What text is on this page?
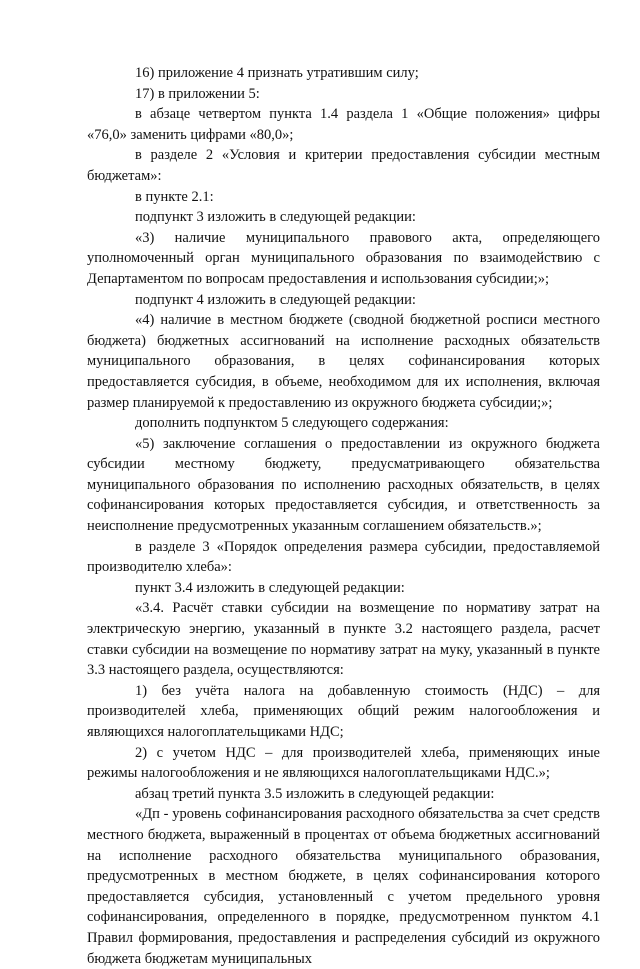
16) приложение 4 признать утратившим силу;

17) в приложении 5:

в абзаце четвертом пункта 1.4 раздела 1 «Общие положения» цифры «76,0» заменить цифрами «80,0»;

в разделе 2 «Условия и критерии предоставления субсидии местным бюджетам»:

в пункте 2.1:

подпункт 3 изложить в следующей редакции:

«3) наличие муниципального правового акта, определяющего уполномоченный орган муниципального образования по взаимодействию с Департаментом по вопросам предоставления и использования субсидии;»;

подпункт 4 изложить в следующей редакции:

«4) наличие в местном бюджете (сводной бюджетной росписи местного бюджета) бюджетных ассигнований на исполнение расходных обязательств муниципального образования, в целях софинансирования которых предоставляется субсидия, в объеме, необходимом для их исполнения, включая размер планируемой к предоставлению из окружного бюджета субсидии;»;

дополнить подпунктом 5 следующего содержания:

«5) заключение соглашения о предоставлении из окружного бюджета субсидии местному бюджету, предусматривающего обязательства муниципального образования по исполнению расходных обязательств, в целях софинансирования которых предоставляется субсидия, и ответственность за неисполнение предусмотренных указанным соглашением обязательств.»;

в разделе 3 «Порядок определения размера субсидии, предоставляемой производителю хлеба»:

пункт 3.4 изложить в следующей редакции:

«3.4. Расчёт ставки субсидии на возмещение по нормативу затрат на электрическую энергию, указанный в пункте 3.2 настоящего раздела, расчет ставки субсидии на возмещение по нормативу затрат на муку, указанный в пункте 3.3 настоящего раздела, осуществляются:

1) без учёта налога на добавленную стоимость (НДС) – для производителей хлеба, применяющих общий режим налогообложения и являющихся налогоплательщиками НДС;

2) с учетом НДС – для производителей хлеба, применяющих иные режимы налогообложения и не являющихся налогоплательщиками НДС.»;

абзац третий пункта 3.5 изложить в следующей редакции:

«Дп - уровень софинансирования расходного обязательства за счет средств местного бюджета, выраженный в процентах от объема бюджетных ассигнований на исполнение расходного обязательства муниципального образования, предусмотренных в местном бюджете, в целях софинансирования которого предоставляется субсидия, установленный с учетом предельного уровня софинансирования, определенного в порядке, предусмотренном пунктом 4.1 Правил формирования, предоставления и распределения субсидий из окружного бюджета бюджетам муниципальных
